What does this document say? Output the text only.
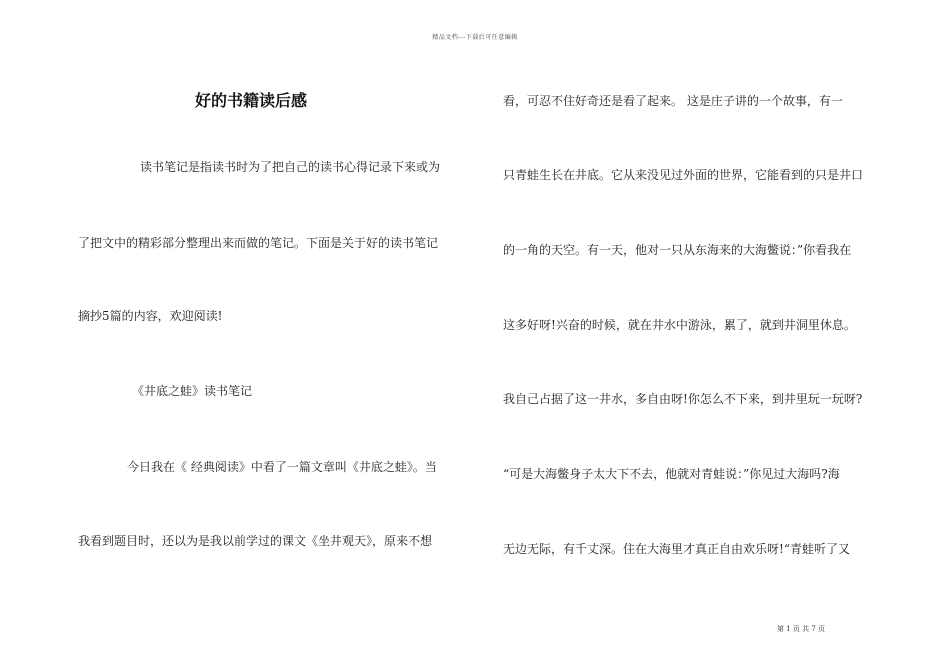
精品文档---下载后可任意编辑
好的书籍读后感
读书笔记是指读书时为了把自己的读书心得记录下来或为
了把文中的精彩部分整理出来而做的笔记。下面是关于好的读书笔记
摘抄5篇的内容，欢迎阅读!
《井底之蛙》读书笔记
今日我在《 经典阅读》中看了一篇文章叫《井底之蛙》。当
我看到题目时，还以为是我以前学过的课文《坐井观天》，原来不想
看，可忍不住好奇还是看了起来。 这是庄子讲的一个故事，有一
只青蛙生长在井底。它从来没见过外面的世界，它能看到的只是井口
的一角的天空。有一天，他对一只从东海来的大海鳖说：”你看我在
这多好呀!兴奋的时候，就在井水中游泳，累了，就到井洞里休息。
我自己占据了这一井水，多自由呀!你怎么不下来，到井里玩一玩呀?
“可是大海鳖身子太大下不去，他就对青蛙说：”你见过大海吗?海
无边无际，有千丈深。住在大海里才真正自由欢乐呀!“青蛙听了又
第 1 页 共 7 页
